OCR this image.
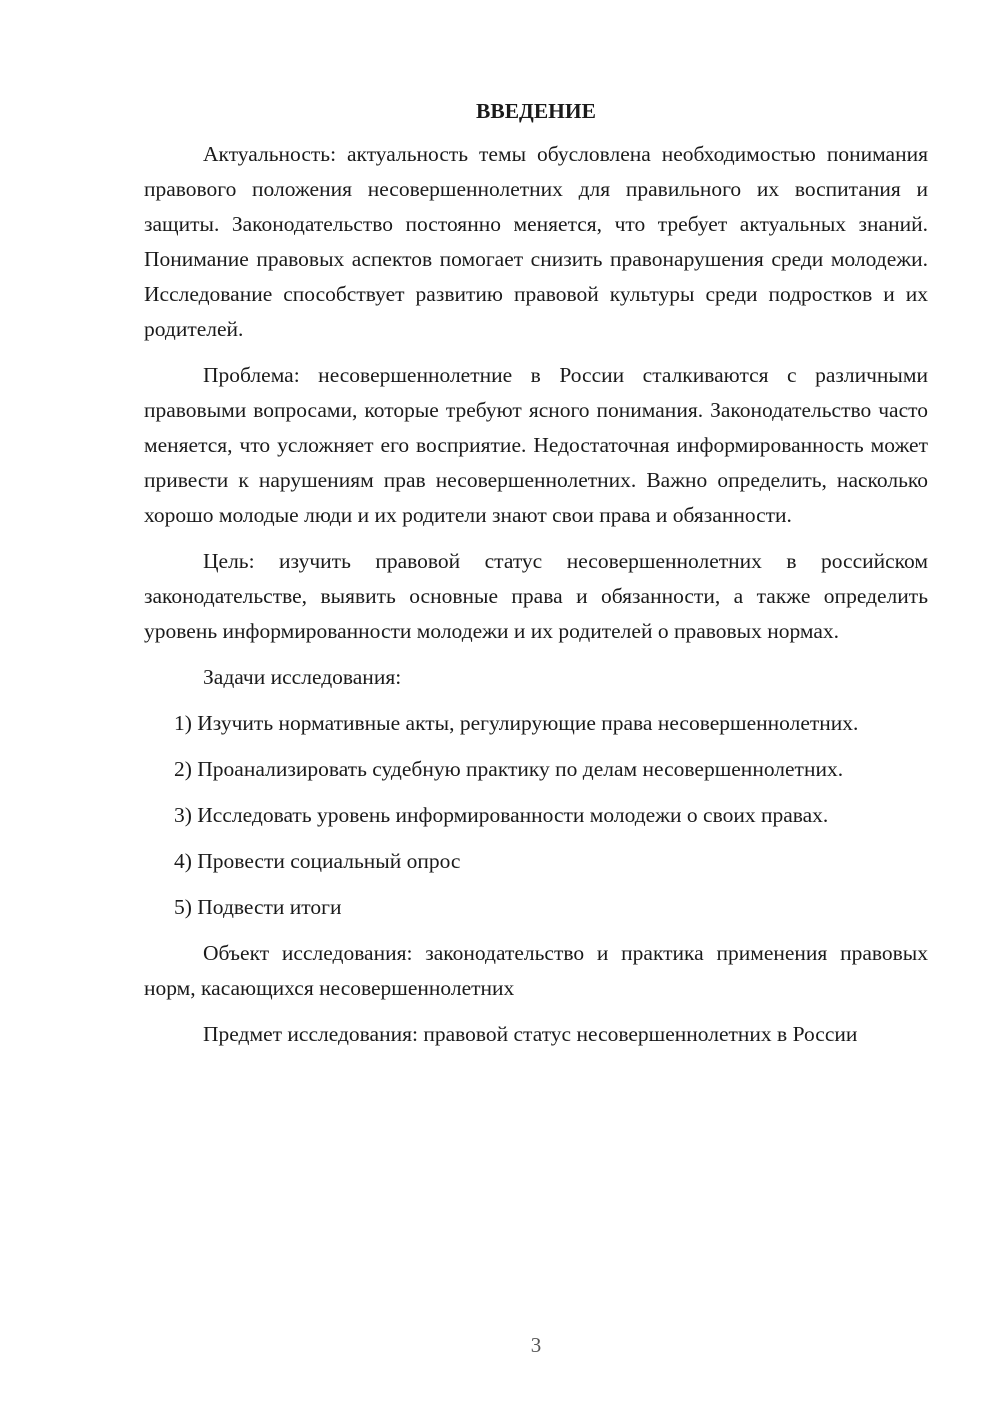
ВВЕДЕНИЕ

Актуальность: актуальность темы обусловлена необходимостью понимания правового положения несовершеннолетних для правильного их воспитания и защиты. Законодательство постоянно меняется, что требует актуальных знаний. Понимание правовых аспектов помогает снизить правонарушения среди молодежи. Исследование способствует развитию правовой культуры среди подростков и их родителей.

Проблема: несовершеннолетние в России сталкиваются с различными правовыми вопросами, которые требуют ясного понимания. Законодательство часто меняется, что усложняет его восприятие. Недостаточная информированность может привести к нарушениям прав несовершеннолетних. Важно определить, насколько хорошо молодые люди и их родители знают свои права и обязанности.

Цель: изучить правовой статус несовершеннолетних в российском законодательстве, выявить основные права и обязанности, а также определить уровень информированности молодежи и их родителей о правовых нормах.

Задачи исследования:

1) Изучить нормативные акты, регулирующие права несовершеннолетних.

2) Проанализировать судебную практику по делам несовершеннолетних.

3) Исследовать уровень информированности молодежи о своих правах.

4) Провести социальный опрос

5) Подвести итоги

Объект исследования: законодательство и практика применения правовых норм, касающихся несовершеннолетних

Предмет исследования: правовой статус несовершеннолетних в России

3
